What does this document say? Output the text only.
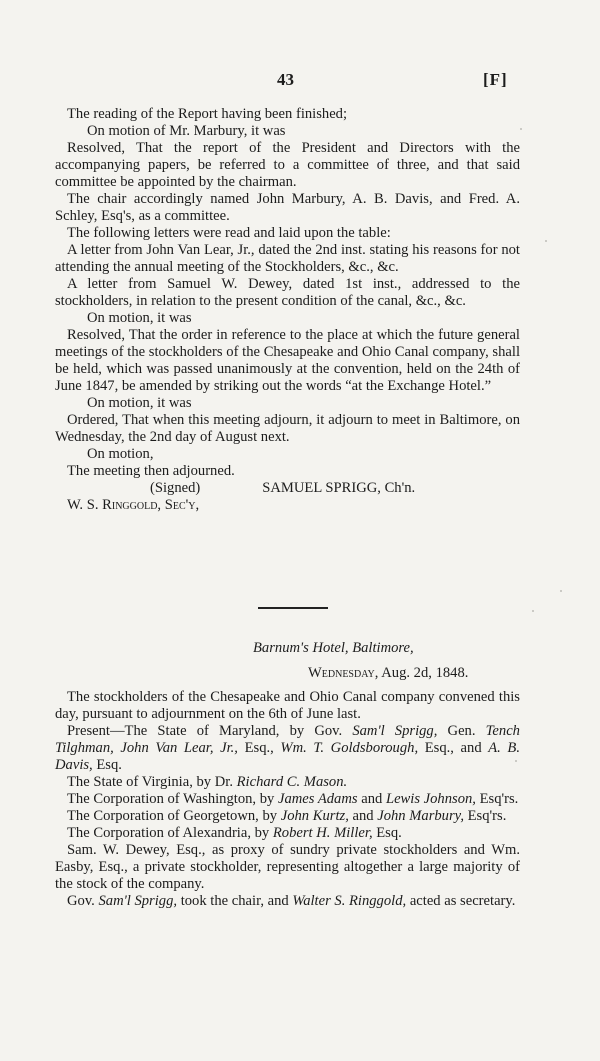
43	[F]

The reading of the Report having been finished;

On motion of Mr. Marbury, it was

Resolved, That the report of the President and Directors with the accompanying papers, be referred to a committee of three, and that said committee be appointed by the chairman.

The chair accordingly named John Marbury, A. B. Davis, and Fred. A. Schley, Esq's, as a committee.

The following letters were read and laid upon the table:

A letter from John Van Lear, Jr., dated the 2nd inst. stating his reasons for not attending the annual meeting of the Stockholders, &c., &c.

A letter from Samuel W. Dewey, dated 1st inst., addressed to the stockholders, in relation to the present condition of the canal, &c., &c.

On motion, it was

Resolved, That the order in reference to the place at which the future general meetings of the stockholders of the Chesapeake and Ohio Canal company, shall be held, which was passed unanimously at the convention, held on the 24th of June 1847, be amended by striking out the words “at the Exchange Hotel.”

On motion, it was

Ordered, That when this meeting adjourn, it adjourn to meet in Baltimore, on Wednesday, the 2nd day of August next.

On motion,

The meeting then adjourned.

(Signed)	SAMUEL SPRIGG, Ch'n.

W. S. Ringgold, Sec'y,

Barnum's Hotel, Baltimore,
Wednesday, Aug. 2d, 1848.

The stockholders of the Chesapeake and Ohio Canal company convened this day, pursuant to adjournment on the 6th of June last.

Present—The State of Maryland, by Gov. Sam'l Sprigg, Gen. Tench Tilghman, John Van Lear, Jr., Esq., Wm. T. Goldsborough, Esq., and A. B. Davis, Esq.

The State of Virginia, by Dr. Richard C. Mason.

The Corporation of Washington, by James Adams and Lewis Johnson, Esq'rs.

The Corporation of Georgetown, by John Kurtz, and John Marbury, Esq'rs.

The Corporation of Alexandria, by Robert H. Miller, Esq.

Sam. W. Dewey, Esq., as proxy of sundry private stockholders and Wm. Easby, Esq., a private stockholder, representing altogether a large majority of the stock of the company.

Gov. Sam'l Sprigg, took the chair, and Walter S. Ringgold, acted as secretary.
